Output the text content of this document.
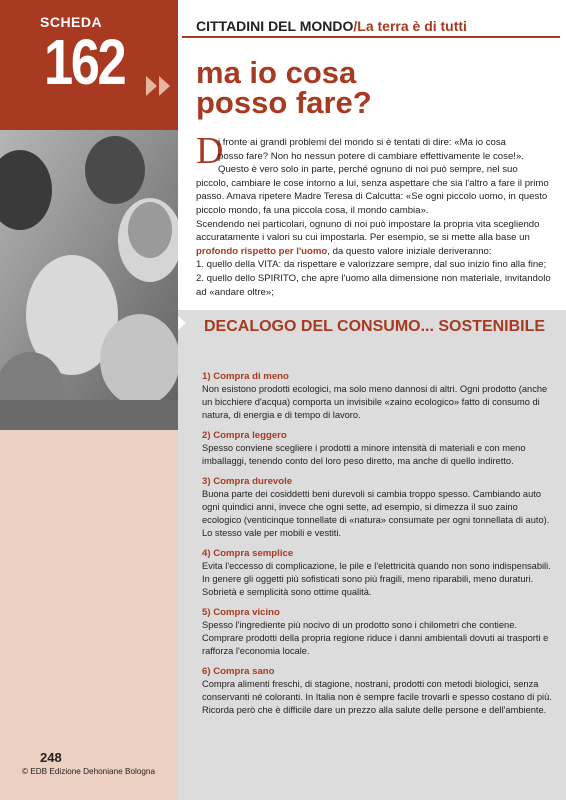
SCHEDA
162	CITTADINI DEL MONDO/La terra è di tutti
ma io cosa
posso fare?
D

i fronte ai grandi problemi del mondo si è tentati di dire: «Ma io cosa

posso fare? Non ho nessun potere di cambiare effettivamente le cose!».

Questo è vero solo in parte, perché ognuno di noi può sempre, nel suo

piccolo, cambiare le cose intorno a lui, senza aspettare che sia l'altro a fare il primo passo. Amava ripetere Madre Teresa di Calcutta: «Se ogni piccolo uomo, in questo piccolo mondo, fa una piccola cosa, il mondo cambia».

Scendendo nei particolari, ognuno di noi può impostare la propria vita scegliendo accuratamente i valori su cui impostarla. Per esempio, se si mette alla base un profondo rispetto per l'uomo, da questo valore iniziale deriveranno:

1. quello della VITA: da rispettare e valorizzare sempre, dal suo inizio fino alla fine;

2. quello dello SPIRITO, che apre l'uomo alla dimensione non materiale, invitandolo ad «andare oltre»;

DECALOGO DEL CONSUMO... SOSTENIBILE
1) Compra di meno
Non esistono prodotti ecologici, ma solo meno dannosi di altri. Ogni prodotto (anche un bicchiere d'acqua) comporta un invisibile «zaino ecologico» fatto di consumo di natura, di energia e di tempo di lavoro.
2) Compra leggero
Spesso conviene scegliere i prodotti a minore intensità di materiali e con meno imballaggi, tenendo conto del loro peso diretto, ma anche di quello indiretto.
3) Compra durevole
Buona parte dei cosiddetti beni durevoli si cambia troppo spesso. Cambiando auto ogni quindici anni, invece che ogni sette, ad esempio, si dimezza il suo zaino ecologico (venticinque tonnellate di «natura» consumate per ogni tonnellata di auto). Lo stesso vale per mobili e vestiti.
4) Compra semplice
Evita l'eccesso di complicazione, le pile e l'elettricità quando non sono indispensabili. In genere gli oggetti più sofisticati sono più fragili, meno riparabili, meno duraturi. Sobrietà e semplicità sono ottime qualità.
5) Compra vicino
Spesso l'ingrediente più nocivo di un prodotto sono i chilometri che contiene. Comprare prodotti della propria regione riduce i danni ambientali dovuti ai trasporti e rafforza l'economia locale.
6) Compra sano
Compra alimenti freschi, di stagione, nostrani, prodotti con metodi biologici, senza conservanti né coloranti. In Italia non è sempre facile trovarli e spesso costano di più. Ricorda però che è difficile dare un prezzo alla salute delle persone e dell'ambiente.
248
© EDB Edizione Dehoniane Bologna
